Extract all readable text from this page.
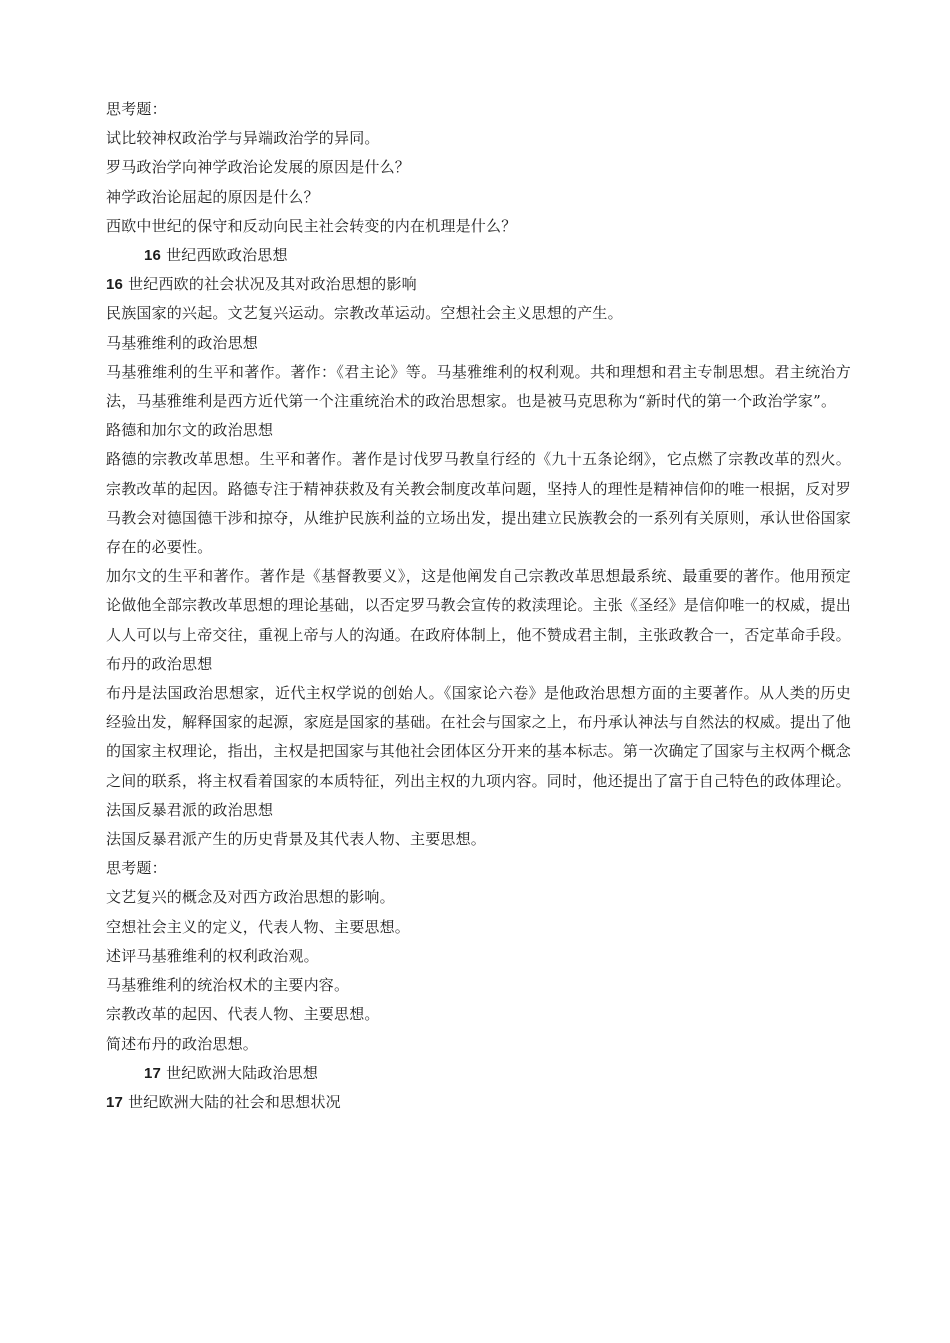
思考题：
试比较神权政治学与异端政治学的异同。
罗马政治学向神学政治论发展的原因是什么？
神学政治论屈起的原因是什么？
西欧中世纪的保守和反动向民主社会转变的内在机理是什么？
16 世纪西欧政治思想
16 世纪西欧的社会状况及其对政治思想的影响
民族国家的兴起。文艺复兴运动。宗教改革运动。空想社会主义思想的产生。
马基雅维利的政治思想
马基雅维利的生平和著作。著作：《君主论》等。马基雅维利的权利观。共和理想和君主专制思想。君主统治方法，马基雅维利是西方近代第一个注重统治术的政治思想家。也是被马克思称为“新时代的第一个政治学家”。
路德和加尔文的政治思想
路德的宗教改革思想。生平和著作。著作是讨伐罗马教皇行经的《九十五条论纲》，它点燃了宗教改革的烈火。宗教改革的起因。路德专注于精神获救及有关教会制度改革问题，坚持人的理性是精神信仰的唯一根据，反对罗马教会对德国德干涉和掠夺，从维护民族利益的立场出发，提出建立民族教会的一系列有关原则，承认世俗国家存在的必要性。
加尔文的生平和著作。著作是《基督教要义》，这是他阐发自己宗教改革思想最系统、最重要的著作。他用预定论做他全部宗教改革思想的理论基础，以否定罗马教会宣传的救渎理论。主张《圣经》是信仰唯一的权威，提出人人可以与上帝交往，重视上帝与人的沟通。在政府体制上，他不赞成君主制，主张政教合一，否定革命手段。
布丹的政治思想
布丹是法国政治思想家，近代主权学说的创始人。《国家论六卷》是他政治思想方面的主要著作。从人类的历史经验出发，解释国家的起源，家庭是国家的基础。在社会与国家之上，布丹承认神法与自然法的权威。提出了他的国家主权理论，指出，主权是把国家与其他社会团体区分开来的基本标志。第一次确定了国家与主权两个概念之间的联系，将主权看着国家的本质特征，列出主权的九项内容。同时，他还提出了富于自己特色的政体理论。
法国反暴君派的政治思想
法国反暴君派产生的历史背景及其代表人物、主要思想。
思考题：
文艺复兴的概念及对西方政治思想的影响。
空想社会主义的定义，代表人物、主要思想。
述评马基雅维利的权利政治观。
马基雅维利的统治权术的主要内容。
宗教改革的起因、代表人物、主要思想。
简述布丹的政治思想。
17 世纪欧洲大陆政治思想
17 世纪欧洲大陆的社会和思想状况
